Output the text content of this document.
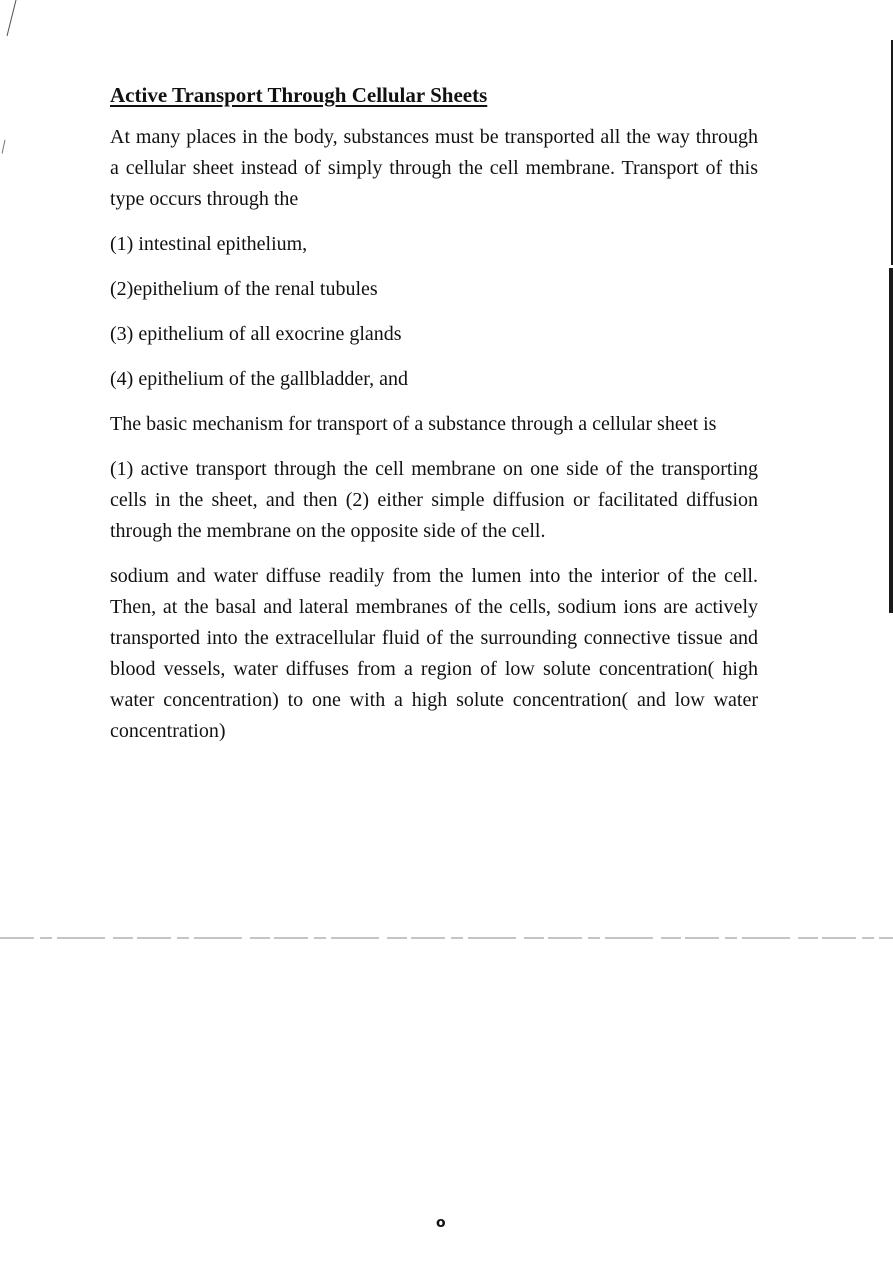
Active Transport Through Cellular Sheets

At many places in the body, substances must be transported all the way through a cellular sheet instead of simply through the cell membrane. Transport of this type occurs through the

(1) intestinal epithelium,

(2)epithelium of the renal tubules

(3) epithelium of all exocrine glands

(4) epithelium of the gallbladder, and

The basic mechanism for transport of a substance through a cellular sheet is

(1) active transport through the cell membrane on one side of the transporting cells in the sheet, and then (2) either simple diffusion or facilitated diffusion through the membrane on the opposite side of the cell.

sodium and water diffuse readily from the lumen into the interior of the cell. Then, at the basal and lateral membranes of the cells, sodium ions are actively transported into the extracellular fluid of the surrounding connective tissue and blood vessels, water diffuses from a region of low solute concentration( high water concentration) to one with a high solute concentration( and low water concentration)

o
